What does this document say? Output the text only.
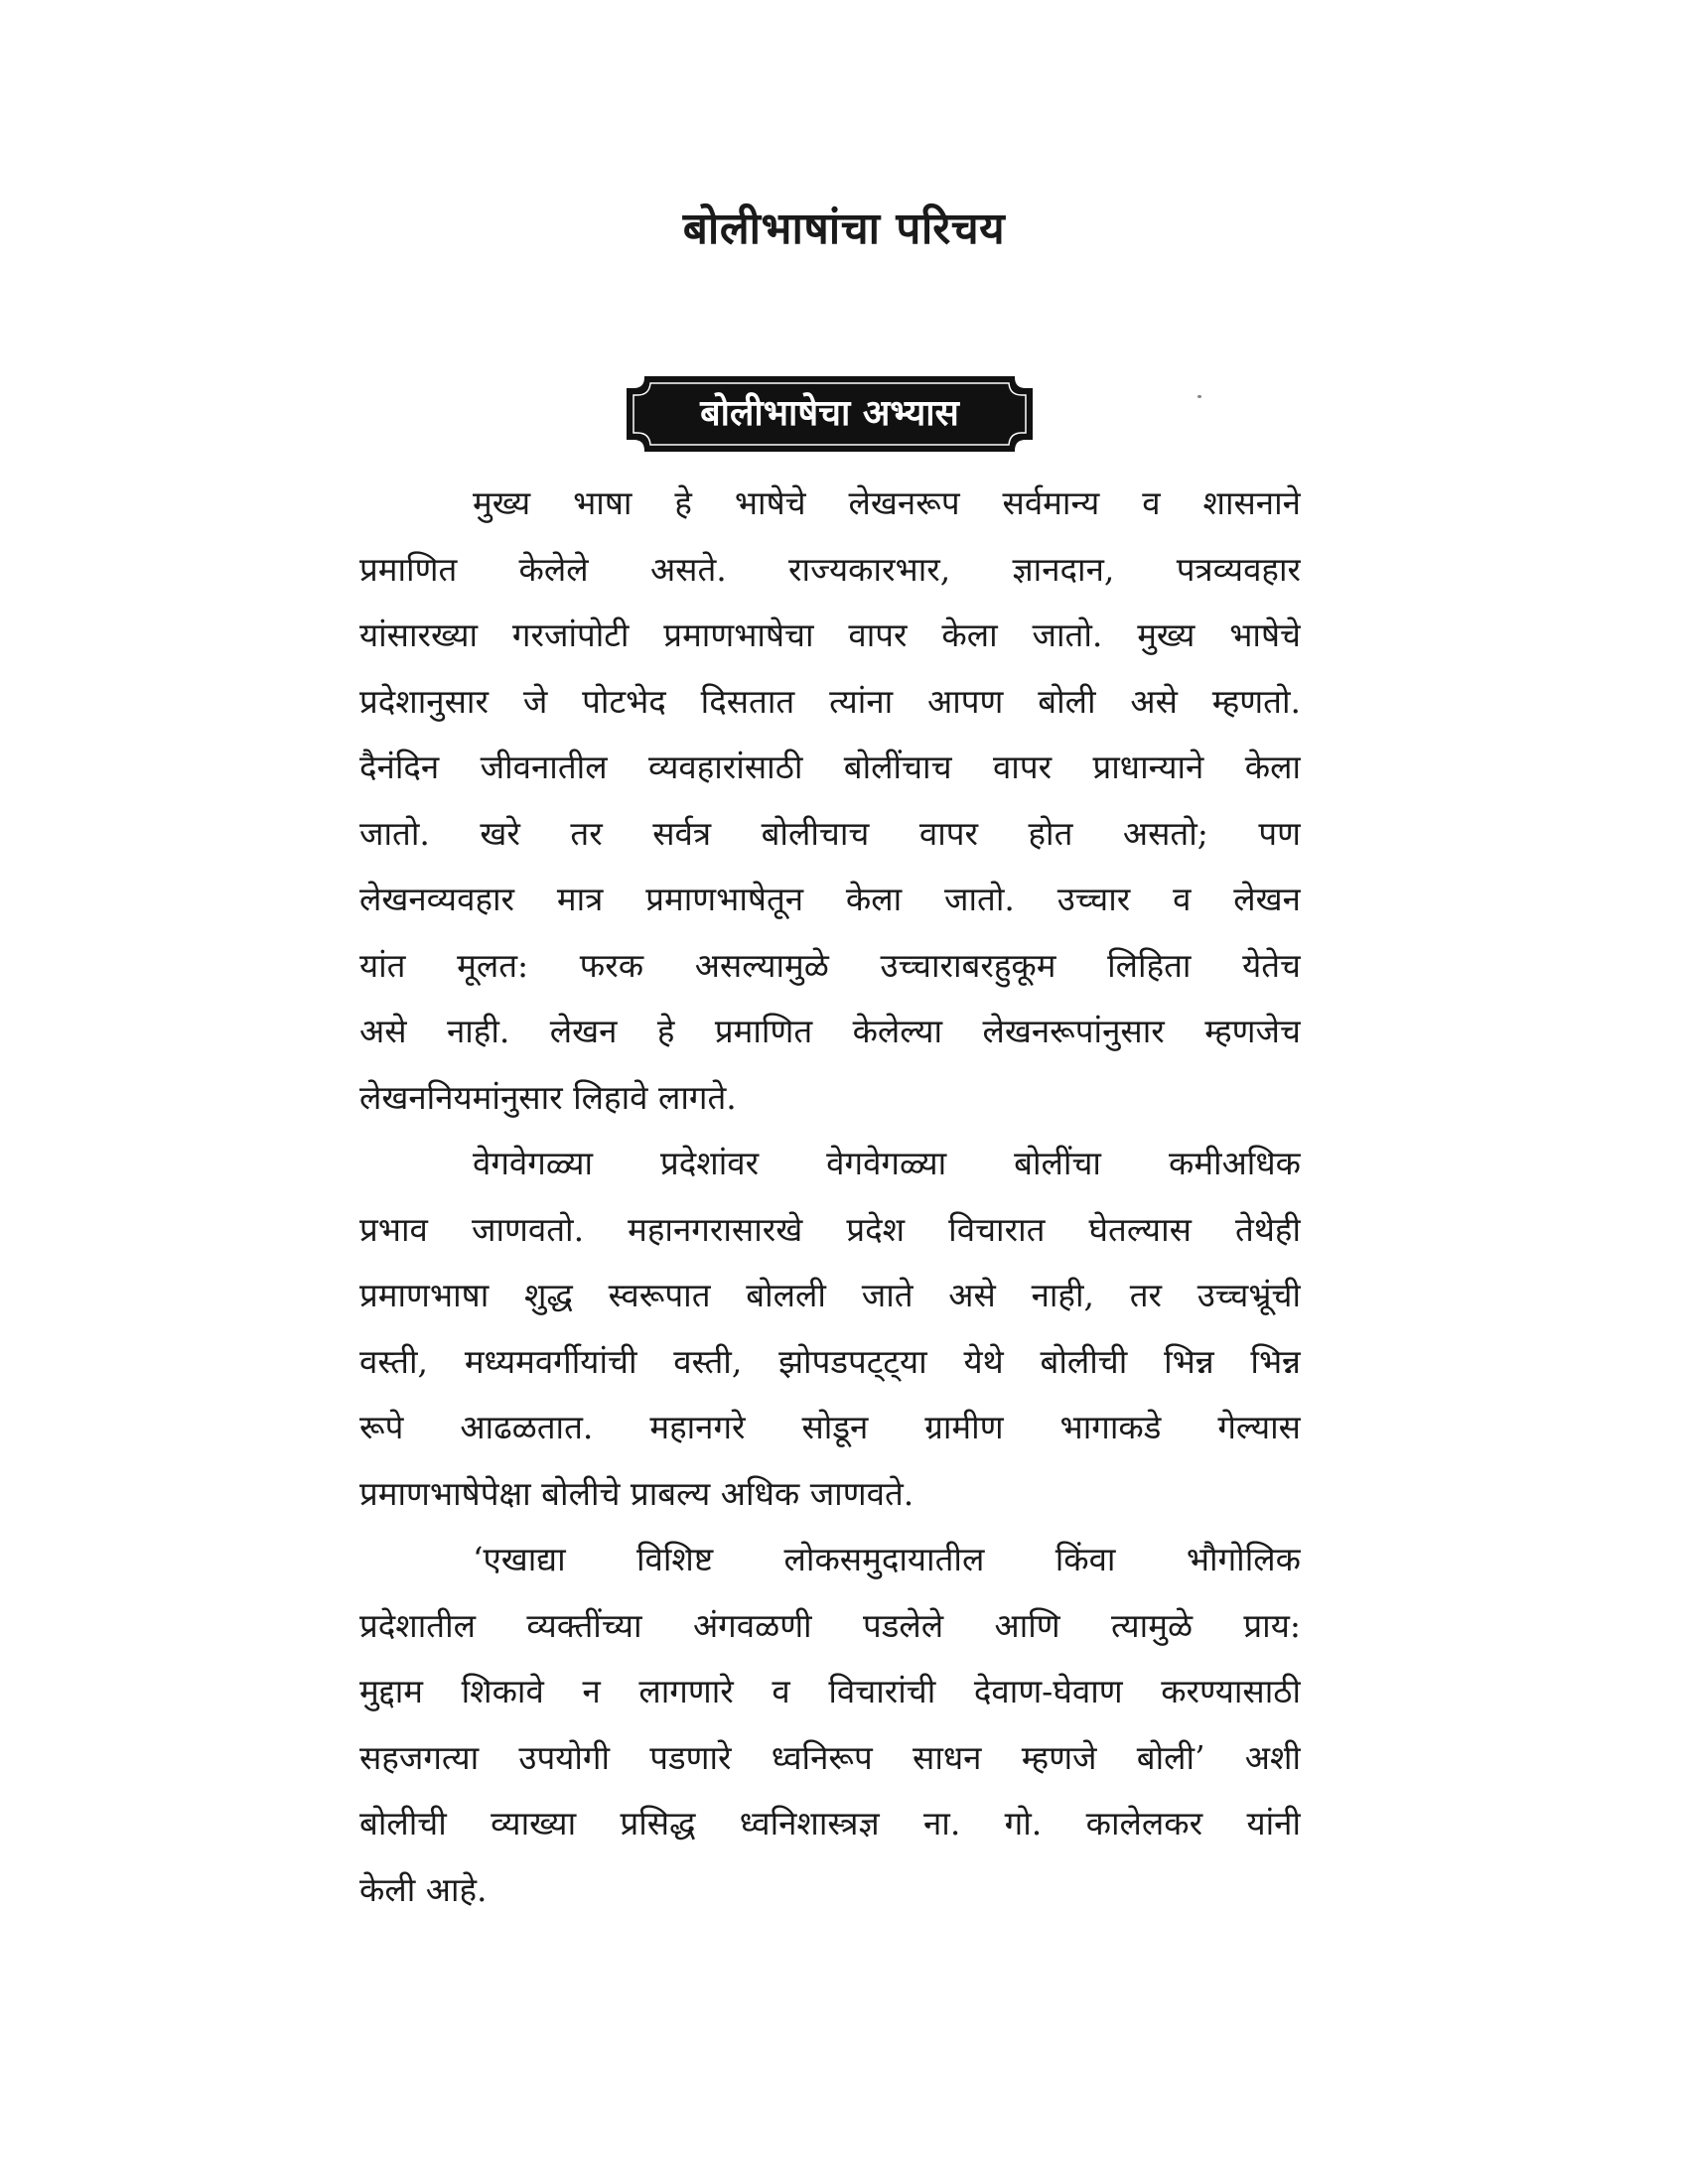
बोलीभाषांचा परिचय
बोलीभाषेचा अभ्यास
मुख्य भाषा हे भाषेचे लेखनरूप सर्वमान्य व शासनाने
प्रमाणित केलेले असते. राज्यकारभार, ज्ञानदान, पत्रव्यवहार
यांसारख्या गरजांपोटी प्रमाणभाषेचा वापर केला जातो. मुख्य भाषेचे
प्रदेशानुसार जे पोटभेद दिसतात त्यांना आपण बोली असे म्हणतो.
दैनंदिन जीवनातील व्यवहारांसाठी बोलींचाच वापर प्राधान्याने केला
जातो. खरे तर सर्वत्र बोलीचाच वापर होत असतो; पण
लेखनव्यवहार मात्र प्रमाणभाषेतून केला जातो. उच्चार व लेखन
यांत मूलत: फरक असल्यामुळे उच्चाराबरहुकूम लिहिता येतेच
असे नाही. लेखन हे प्रमाणित केलेल्या लेखनरूपांनुसार म्हणजेच
लेखननियमांनुसार लिहावे लागते.
वेगवेगळ्या प्रदेशांवर वेगवेगळ्या बोलींचा कमीअधिक
प्रभाव जाणवतो. महानगरासारखे प्रदेश विचारात घेतल्यास तेथेही
प्रमाणभाषा शुद्ध स्वरूपात बोलली जाते असे नाही, तर उच्चभ्रूंची
वस्ती, मध्यमवर्गीयांची वस्ती, झोपडपट्ट्या येथे बोलीची भिन्न भिन्न
रूपे आढळतात. महानगरे सोडून ग्रामीण भागाकडे गेल्यास
प्रमाणभाषेपेक्षा बोलीचे प्राबल्य अधिक जाणवते.
‘एखाद्या विशिष्ट लोकसमुदायातील किंवा भौगोलिक
प्रदेशातील व्यक्तींच्या अंगवळणी पडलेले आणि त्यामुळे प्राय:
मुद्दाम शिकावे न लागणारे व विचारांची देवाण-घेवाण करण्यासाठी
सहजगत्या उपयोगी पडणारे ध्वनिरूप साधन म्हणजे बोली’ अशी
बोलीची व्याख्या प्रसिद्ध ध्वनिशास्त्रज्ञ ना. गो. कालेलकर यांनी
केली आहे.
